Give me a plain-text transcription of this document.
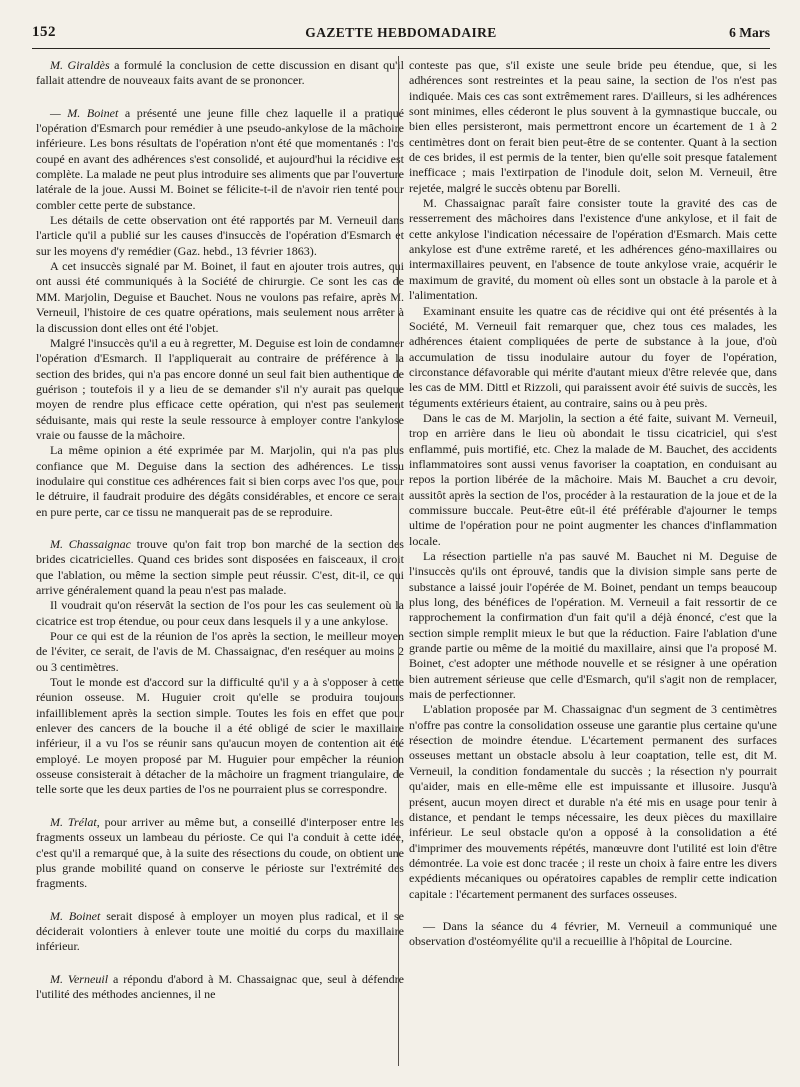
152	GAZETTE HEBDOMADAIRE	6 Mars

M. Giraldès a formulé la conclusion de cette discussion en disant qu'il fallait attendre de nouveaux faits avant de se prononcer.

— M. Boinet a présenté une jeune fille chez laquelle il a pratiqué l'opération d'Esmarch pour remédier à une pseudo-ankylose de la mâchoire inférieure. Les bons résultats de l'opération n'ont été que momentanés : l'os coupé en avant des adhérences s'est consolidé, et aujourd'hui la récidive est complète. La malade ne peut plus introduire ses aliments que par l'ouverture latérale de la joue. Aussi M. Boinet se félicite-t-il de n'avoir rien tenté pour combler cette perte de substance.

Les détails de cette observation ont été rapportés par M. Verneuil dans l'article qu'il a publié sur les causes d'insuccès de l'opération d'Esmarch et sur les moyens d'y remédier (Gaz. hebd., 13 février 1863).

A cet insuccès signalé par M. Boinet, il faut en ajouter trois autres, qui ont aussi été communiqués à la Société de chirurgie. Ce sont les cas de MM. Marjolin, Deguise et Bauchet. Nous ne voulons pas refaire, après M. Verneuil, l'histoire de ces quatre opérations, mais seulement nous arrêter à la discussion dont elles ont été l'objet.

Malgré l'insuccès qu'il a eu à regretter, M. Deguise est loin de condamner l'opération d'Esmarch. Il l'appliquerait au contraire de préférence à la section des brides, qui n'a pas encore donné un seul fait bien authentique de guérison ; toutefois il y a lieu de se demander s'il n'y aurait pas quelque moyen de rendre plus efficace cette opération, qui n'est pas seulement séduisante, mais qui reste la seule ressource à employer contre l'ankylose vraie ou fausse de la mâchoire.

La même opinion a été exprimée par M. Marjolin, qui n'a pas plus confiance que M. Deguise dans la section des adhérences. Le tissu inodulaire qui constitue ces adhérences fait si bien corps avec l'os que, pour le détruire, il faudrait produire des dégâts considérables, et encore ce serait en pure perte, car ce tissu ne manquerait pas de se reproduire.

M. Chassaignac trouve qu'on fait trop bon marché de la section des brides cicatricielles. Quand ces brides sont disposées en faisceaux, il croit que l'ablation, ou même la section simple peut réussir. C'est, dit-il, ce qui arrive généralement quand la peau n'est pas malade.

Il voudrait qu'on réservât la section de l'os pour les cas seulement où la cicatrice est trop étendue, ou pour ceux dans lesquels il y a une ankylose.

Pour ce qui est de la réunion de l'os après la section, le meilleur moyen de l'éviter, ce serait, de l'avis de M. Chassaignac, d'en reséquer au moins 2 ou 3 centimètres.

Tout le monde est d'accord sur la difficulté qu'il y a à s'opposer à cette réunion osseuse. M. Huguier croit qu'elle se produira toujours infailliblement après la section simple. Toutes les fois en effet que pour enlever des cancers de la bouche il a été obligé de scier le maxillaire inférieur, il a vu l'os se réunir sans qu'aucun moyen de contention ait été employé. Le moyen proposé par M. Huguier pour empêcher la réunion osseuse consisterait à détacher de la mâchoire un fragment triangulaire, de telle sorte que les deux parties de l'os ne pourraient plus se correspondre.

M. Trélat, pour arriver au même but, a conseillé d'interposer entre les fragments osseux un lambeau du périoste. Ce qui l'a conduit à cette idée, c'est qu'il a remarqué que, à la suite des résections du coude, on obtient une plus grande mobilité quand on conserve le périoste sur l'extrémité des fragments.

M. Boinet serait disposé à employer un moyen plus radical, et il se déciderait volontiers à enlever toute une moitié du corps du maxillaire inférieur.

M. Verneuil a répondu d'abord à M. Chassaignac que, seul à défendre l'utilité des méthodes anciennes, il ne

conteste pas que, s'il existe une seule bride peu étendue, que, si les adhérences sont restreintes et la peau saine, la section de l'os n'est pas indiquée. Mais ces cas sont extrêmement rares. D'ailleurs, si les adhérences sont minimes, elles céderont le plus souvent à la gymnastique buccale, ou bien elles persisteront, mais permettront encore un écartement de 1 à 2 centimètres dont on ferait bien peut-être de se contenter. Quant à la section de ces brides, il est permis de la tenter, bien qu'elle soit presque fatalement inefficace ; mais l'extirpation de l'inodule doit, selon M. Verneuil, être rejetée, malgré le succès obtenu par Borelli.

M. Chassaignac paraît faire consister toute la gravité des cas de resserrement des mâchoires dans l'existence d'une ankylose, et il fait de cette ankylose l'indication nécessaire de l'opération d'Esmarch. Mais cette ankylose est d'une extrême rareté, et les adhérences géno-maxillaires ou intermaxillaires peuvent, en l'absence de toute ankylose vraie, acquérir le maximum de gravité, du moment où elles sont un obstacle à la parole et à l'alimentation.

Examinant ensuite les quatre cas de récidive qui ont été présentés à la Société, M. Verneuil fait remarquer que, chez tous ces malades, les adhérences étaient compliquées de perte de substance à la joue, d'où accumulation de tissu inodulaire autour du foyer de l'opération, circonstance défavorable qui mérite d'autant mieux d'être relevée que, dans les cas de MM. Dittl et Rizzoli, qui paraissent avoir été suivis de succès, les téguments extérieurs étaient, au contraire, sains ou à peu près.

Dans le cas de M. Marjolin, la section a été faite, suivant M. Verneuil, trop en arrière dans le lieu où abondait le tissu cicatriciel, qui s'est enflammé, puis mortifié, etc. Chez la malade de M. Bauchet, des accidents inflammatoires sont aussi venus favoriser la coaptation, en conduisant au repos la portion libérée de la mâchoire. Mais M. Bauchet a cru devoir, aussitôt après la section de l'os, procéder à la restauration de la joue et de la commissure buccale. Peut-être eût-il été préférable d'ajourner le temps ultime de l'opération pour ne point augmenter les chances d'inflammation locale.

La résection partielle n'a pas sauvé M. Bauchet ni M. Deguise de l'insuccès qu'ils ont éprouvé, tandis que la division simple sans perte de substance a laissé jouir l'opérée de M. Boinet, pendant un temps beaucoup plus long, des bénéfices de l'opération. M. Verneuil a fait ressortir de ce rapprochement la confirmation d'un fait qu'il a déjà énoncé, c'est que la section simple remplit mieux le but que la réduction. Faire l'ablation d'une grande partie ou même de la moitié du maxillaire, ainsi que l'a proposé M. Boinet, c'est adopter une méthode nouvelle et se résigner à une opération bien autrement sérieuse que celle d'Esmarch, qu'il s'agit non de remplacer, mais de perfectionner.

L'ablation proposée par M. Chassaignac d'un segment de 3 centimètres n'offre pas contre la consolidation osseuse une garantie plus certaine qu'une résection de moindre étendue. L'écartement permanent des surfaces osseuses mettant un obstacle absolu à leur coaptation, telle est, dit M. Verneuil, la condition fondamentale du succès ; la résection n'y pourrait qu'aider, mais en elle-même elle est impuissante et illusoire. Jusqu'à présent, aucun moyen direct et durable n'a été mis en usage pour tenir à distance, et pendant le temps nécessaire, les deux pièces du maxillaire inférieur. Le seul obstacle qu'on a opposé à la consolidation a été d'imprimer des mouvements répétés, manœuvre dont l'utilité est loin d'être démontrée. La voie est donc tracée ; il reste un choix à faire entre les divers expédients mécaniques ou opératoires capables de remplir cette indication capitale : l'écartement permanent des surfaces osseuses.

— Dans la séance du 4 février, M. Verneuil a communiqué une observation d'ostéomyélite qu'il a recueillie à l'hôpital de Lourcine.
